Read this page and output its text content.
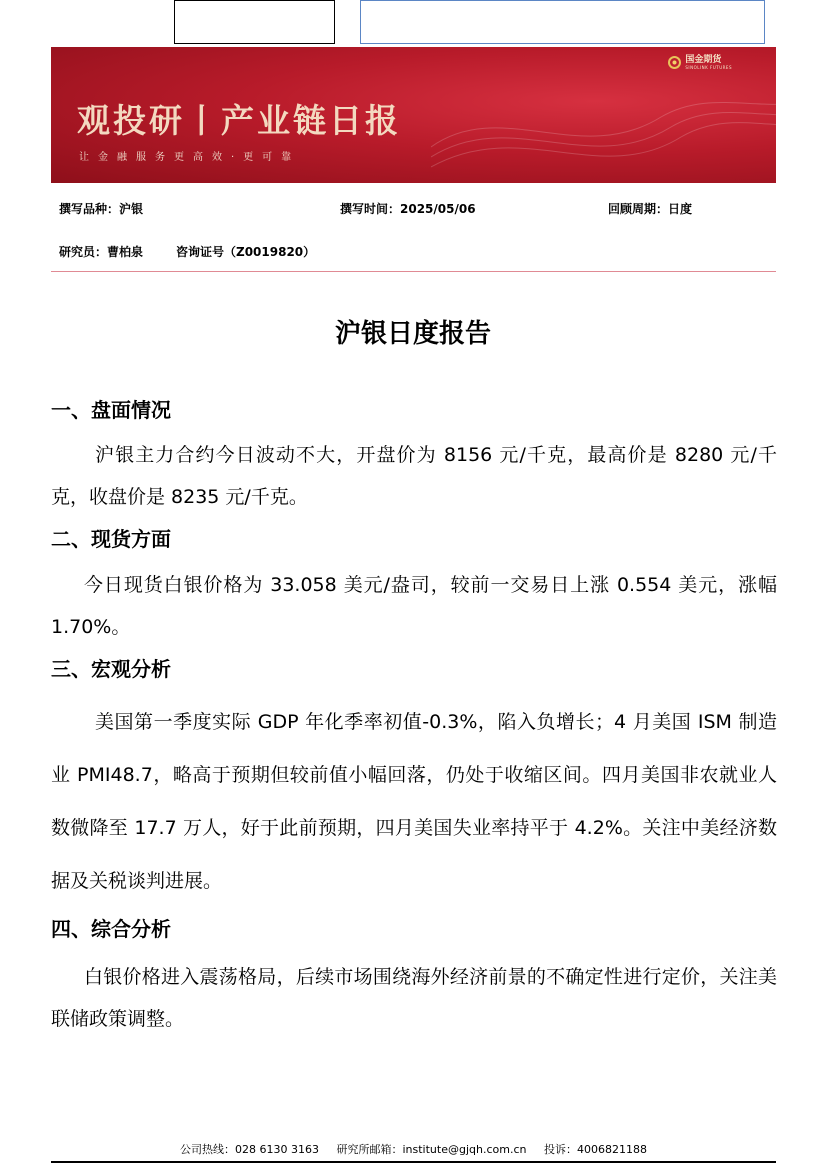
国金期货
SINOLINK FUTURES
观投研丨产业链日报
让金融服务更高效·更可靠
撰写品种：沪银	撰写时间：2025/05/06	回顾周期：日度
研究员：曹柏泉	咨询证号（Z0019820）
沪银日度报告
一、盘面情况
沪银主力合约今日波动不大，开盘价为 8156 元/千克，最高价是 8280 元/千克，收盘价是 8235 元/千克。
二、现货方面
今日现货白银价格为 33.058 美元/盎司，较前一交易日上涨 0.554 美元，涨幅 1.70%。
三、宏观分析
美国第一季度实际 GDP 年化季率初值-0.3%，陷入负增长；4 月美国 ISM 制造业 PMI48.7，略高于预期但较前值小幅回落，仍处于收缩区间。四月美国非农就业人数微降至 17.7 万人，好于此前预期，四月美国失业率持平于 4.2%。关注中美经济数据及关税谈判进展。
四、综合分析
白银价格进入震荡格局，后续市场围绕海外经济前景的不确定性进行定价，关注美联储政策调整。
公司热线：028 6130 3163 研究所邮箱：institute@gjqh.com.cn 投诉：4006821188
